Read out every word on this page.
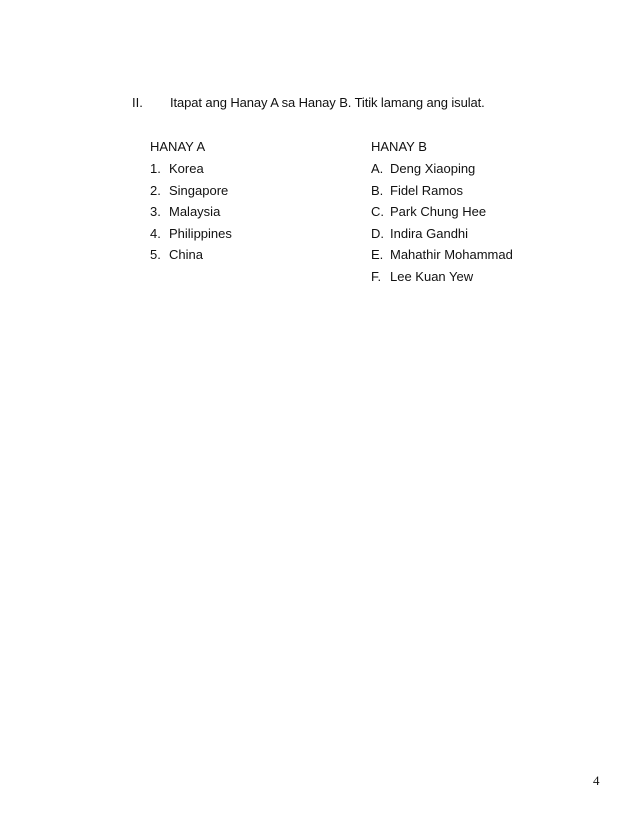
II. Itapat ang Hanay A sa Hanay B. Titik lamang ang isulat.
HANAY A
1. Korea
2. Singapore
3. Malaysia
4. Philippines
5. China
HANAY B
A. Deng Xiaoping
B. Fidel Ramos
C. Park Chung Hee
D. Indira Gandhi
E. Mahathir Mohammad
F. Lee Kuan Yew
4
